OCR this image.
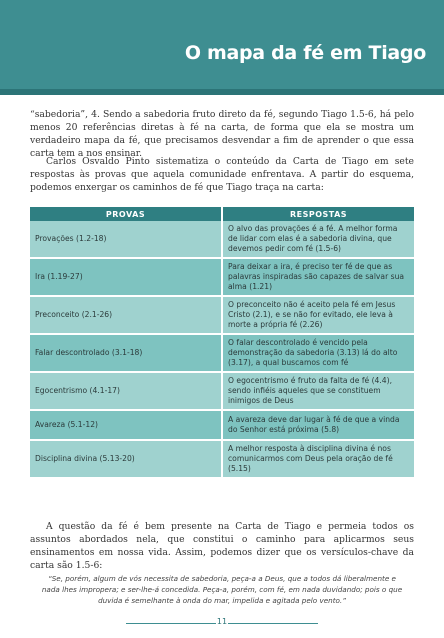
O mapa da fé em Tiago

“sabedoria”, 4. Sendo a sabedoria fruto direto da fé, segundo Tiago 1.5-6, há pelo menos 20 referências diretas à fé na carta, de forma que ela se mostra um verdadeiro mapa da fé, que precisamos desvendar a fim de aprender o que essa carta tem a nos ensinar.

Carlos Osvaldo Pinto sistematiza o conteúdo da Carta de Tiago em sete respostas às provas que aquela comunidade enfrentava. A partir do esquema, podemos enxergar os caminhos de fé que Tiago traça na carta:

PROVAS	RESPOSTAS
Provações (1.2-18)	O alvo das provações é a fé. A melhor forma de lidar com elas é a sabedoria divina, que devemos pedir com fé (1.5-6)
Ira (1.19-27)	Para deixar a ira, é preciso ter fé de que as palavras inspiradas são capazes de salvar sua alma (1.21)
Preconceito (2.1-26)	O preconceito não é aceito pela fé em Jesus Cristo (2.1), e se não for evitado, ele leva à morte a própria fé (2.26)
Falar descontrolado (3.1-18)	O falar descontrolado é vencido pela demonstração da sabedoria (3.13) lá do alto (3.17), a qual buscamos com fé
Egocentrismo (4.1-17)	O egocentrismo é fruto da falta de fé (4.4), sendo infiéis aqueles que se constituem inimigos de Deus
Avareza (5.1-12)	A avareza deve dar lugar à fé de que a vinda do Senhor está próxima (5.8)
Disciplina divina (5.13-20)	A melhor resposta à disciplina divina é nos comunicarmos com Deus pela oração de fé (5.15)

A questão da fé é bem presente na Carta de Tiago e permeia todos os assuntos abordados nela, que constitui o caminho para aplicarmos seus ensinamentos em nossa vida. Assim, podemos dizer que os versículos-chave da carta são 1.5-6:

“Se, porém, algum de vós necessita de sabedoria, peça-a a Deus, que a todos dá liberalmente e nada lhes impropera; e ser-lhe-á concedida. Peça-a, porém, com fé, em nada duvidando; pois o que duvida é semelhante à onda do mar, impelida e agitada pelo vento.”

11
